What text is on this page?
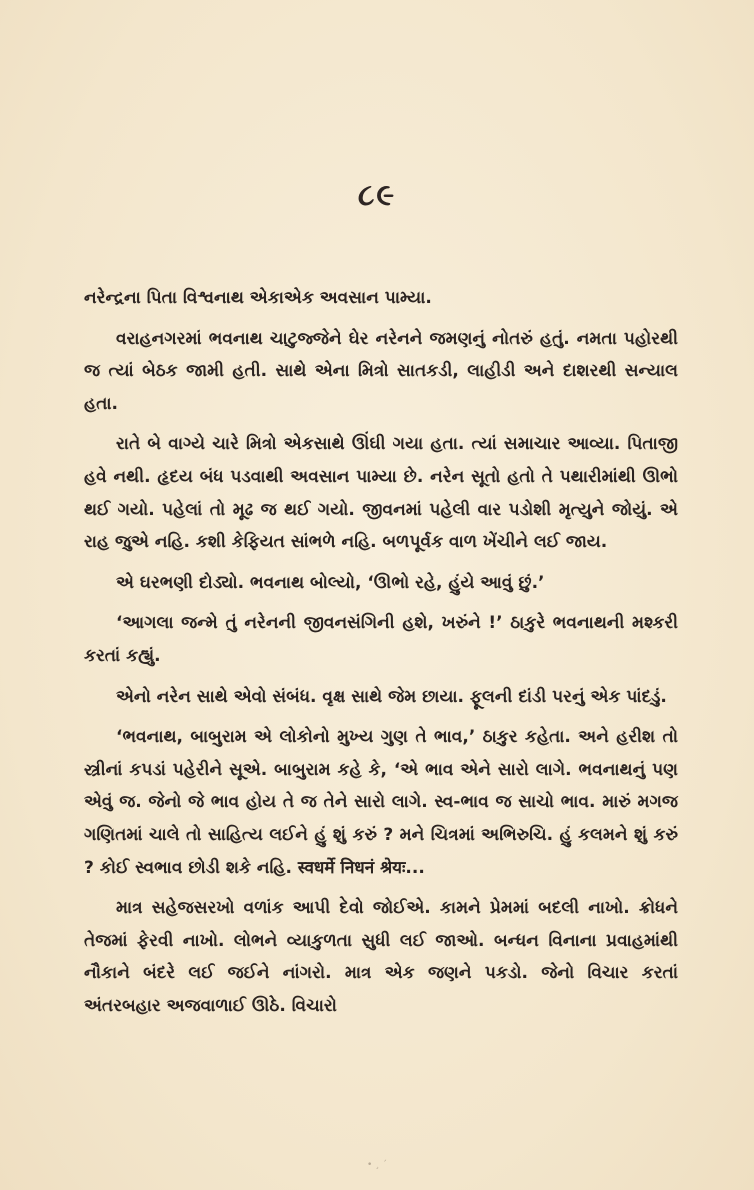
૮૯

નરેન્દ્રના પિતા વિશ્વનાથ એકાએક અવસાન પામ્યા.

વરાહનગરમાં ભવનાથ ચાટુજ્જેને ઘેર નરેનને જમણનું નોતરું હતું. નમતા પહોરથી જ ત્યાં બેઠક જામી હતી. સાથે એના મિત્રો સાતકડી, લાહીડી અને દાશરથી સન્યાલ હતા.

રાતે બે વાગ્યે ચારે મિત્રો એકસાથે ઊંઘી ગયા હતા. ત્યાં સમાચાર આવ્યા. પિતાજી હવે નથી. હૃદય બંધ પડવાથી અવસાન પામ્યા છે. નરેન સૂતો હતો તે પથારીમાંથી ઊભો થઈ ગયો. પહેલાં તો મૂઢ જ થઈ ગયો. જીવનમાં પહેલી વાર પડોશી મૃત્યુને જોયું. એ રાહ જુએ નહિ. કશી કેફિયત સાંભળે નહિ. બળપૂર્વક વાળ ખેંચીને લઈ જાય.

એ ઘરભણી દોડ્યો. ભવનાથ બોલ્યો, ‘ઊભો રહે, હુંયે આવું છું.’

‘આગલા જન્મે તું નરેનની જીવનસંગિની હશે, ખરુંને !’ ઠાકુરે ભવનાથની મશ્કરી કરતાં કહ્યું.

એનો નરેન સાથે એવો સંબંધ. વૃક્ષ સાથે જેમ છાયા. ફૂલની દાંડી પરનું એક પાંદડું.

‘ભવનાથ, બાબુરામ એ લોકોનો મુખ્ય ગુણ તે ભાવ,’ ઠાકુર કહેતા. અને હરીશ તો સ્ત્રીનાં કપડાં પહેરીને સૂએ. બાબુરામ કહે કે, ‘એ ભાવ એને સારો લાગે. ભવનાથનું પણ એવું જ. જેનો જે ભાવ હોય તે જ તેને સારો લાગે. સ્વ-ભાવ જ સાચો ભાવ. મારું મગજ ગણિતમાં ચાલે તો સાહિત્ય લઈને હું શું કરું ? મને ચિત્રમાં અભિરુચિ. હું કલમને શું કરું ? કોઈ સ્વભાવ છોડી શકે નહિ. स्वधर्मे निधनं श्रेयः...

માત્ર સહેજસરખો વળાંક આપી દેવો જોઈએ. કામને પ્રેમમાં બદલી નાખો. ક્રોધને તેજમાં ફેરવી નાખો. લોભને વ્યાકુળતા સુધી લઈ જાઓ. બન્ધન વિનાના પ્રવાહમાંથી નૌકાને બંદરે લઈ જઈને નાંગરો. માત્ર એક જણને પકડો. જેનો વિચાર કરતાં અંતરબહાર અજવાળાઈ ઊઠે. વિચારો

• ¸ ´
